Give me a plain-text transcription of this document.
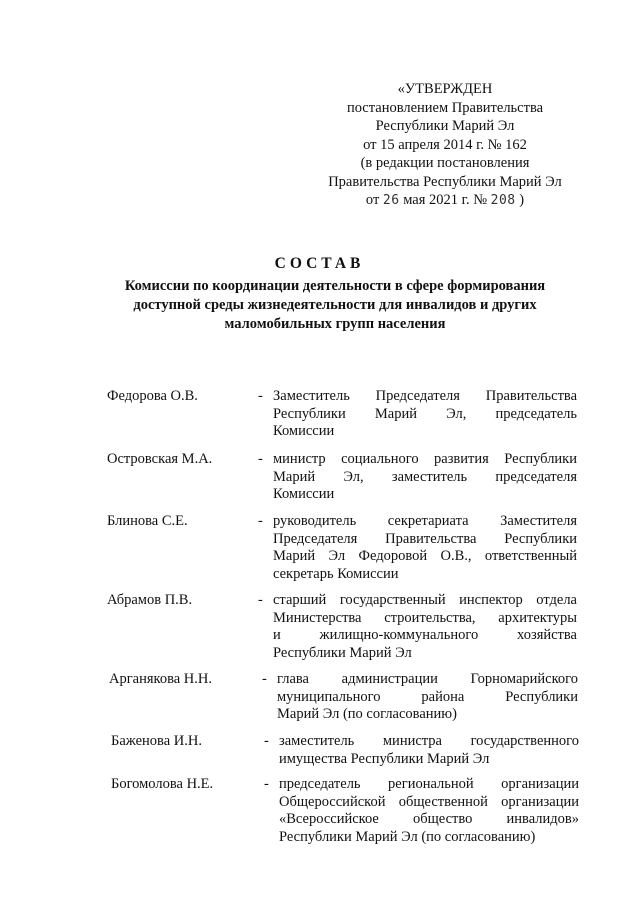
«УТВЕРЖДЕН
постановлением Правительства
Республики Марий Эл
от 15 апреля 2014 г. № 162
(в редакции постановления
Правительства Республики Марий Эл
от 26 мая 2021 г. № 208 )
СОСТАВ
Комиссии по координации деятельности в сфере формирования
доступной среды жизнедеятельности для инвалидов и других
маломобильных групп населения
Федорова О.В.	- Заместитель Председателя Правительства
Республики Марий Эл, председатель
Комиссии
Островская М.А.	- министр социального развития Республики
Марий Эл, заместитель председателя
Комиссии
Блинова С.Е.	- руководитель секретариата Заместителя
Председателя Правительства Республики
Марий Эл Федоровой О.В., ответственный
секретарь Комиссии
Абрамов П.В.	- старший государственный инспектор отдела
Министерства строительства, архитектуры
и жилищно-коммунального хозяйства
Республики Марий Эл
Арганякова Н.Н.	- глава администрации Горномарийского
муниципального района Республики
Марий Эл (по согласованию)
Баженова И.Н.	- заместитель министра государственного
имущества Республики Марий Эл
Богомолова Н.Е.	- председатель региональной организации
Общероссийской общественной организации
«Всероссийское общество инвалидов»
Республики Марий Эл (по согласованию)
